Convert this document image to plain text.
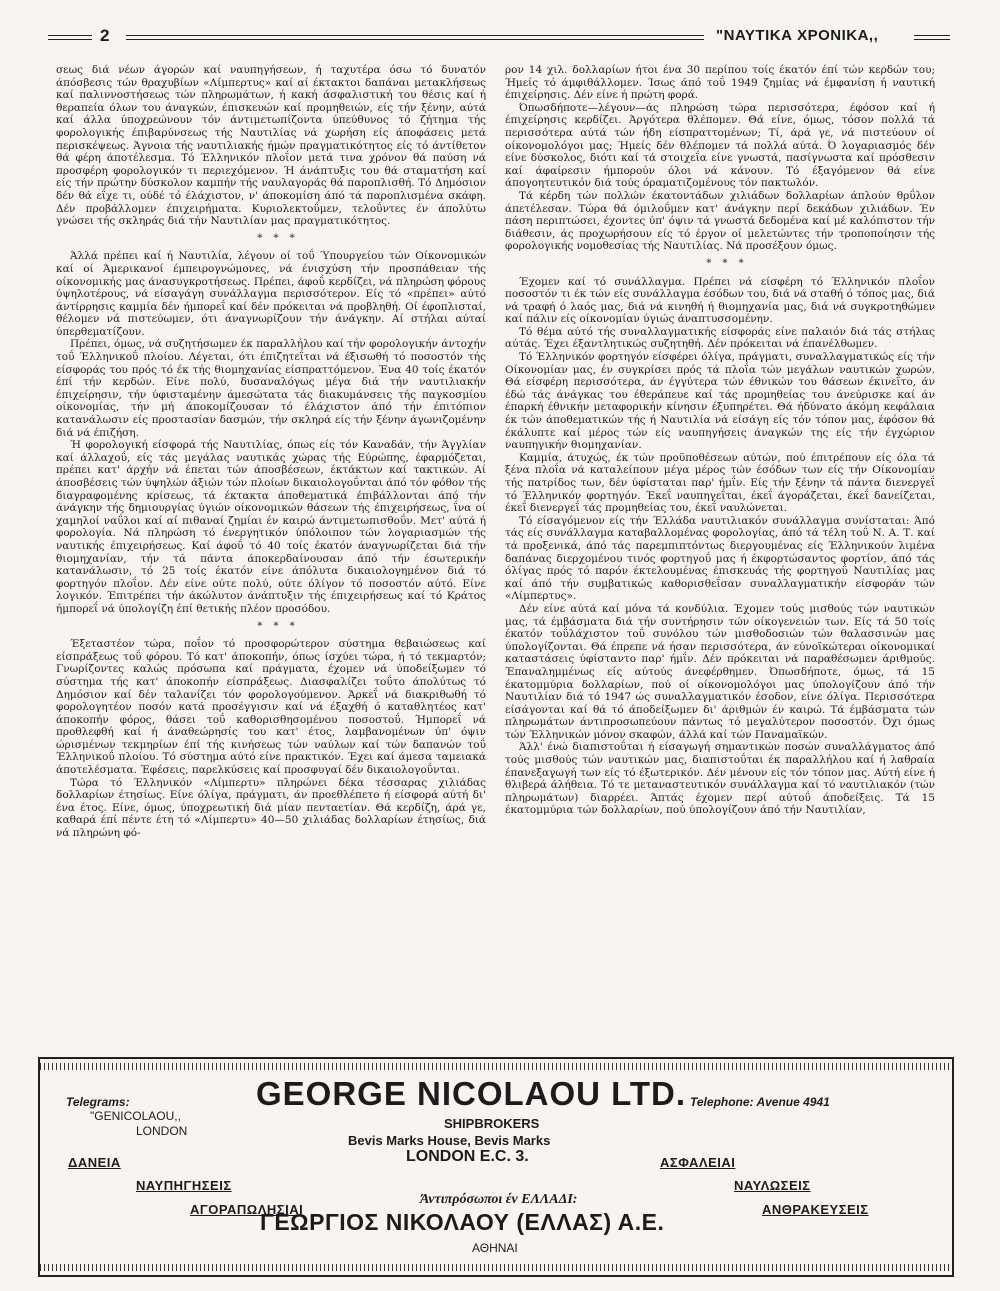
2	"ΝΑΥΤΙΚΑ ΧΡΟΝΙΚΑ,,

σεως διά νέων άγορών καί ναυπηγήσεων, ή ταχυτέρα όσω τό δυνατόν άπόσβεσις τών θραχυβίων «Λίμπερτυς» καί αί έκτακτοι δαπάναι μετακλήσεως καί παλιννοστήσεως τών πληρωμάτων, ή κακή άσφαλιστική του θέσις καί ή θεραπεία όλων του άναγκών, έπισκευών καί προμηθειών, είς τήν ξένην, αύτά καί άλλα ύποχρεώνουν τόν άντιμετωπίζοντα ύπεύθυνος τό ζήτημα τής φορολογικής έπιβαρύνσεως τής Ναυτιλίας νά χωρήση είς άποφάσεις μετά περισκέψεως. Άγνοια τής ναυτιλιακής ήμών πραγματικότητος είς τό άντίθετον θά φέρη άποτέλεσμα. Τό Έλληνικόν πλοΐον μετά τινα χρόνον θά παύση νά προσφέρη φορολογικόν τι περιεχόμενον. Ή άνάπτυξις του θά σταματήση καί είς τήν πρώτην δύσκολον καμπήν τής ναυλαγοράς θά παροπλισθή. Τό Δημόσιον δέν θά εΐχε τι, ούδέ τό έλάχιστον, ν' άποκομίση άπό τά παροπλισμένα σκάφη. Δέν προβάλλομεν έπιχειρήματα. Κυριολεκτοΰμεν, τελοΰντες έν άπολύτω γνώσει τής σκληράς διά τήν Ναυτιλίαν μας πραγματικότητος.

* * *

Άλλά πρέπει καί ή Ναυτιλία, λέγουν οί τοΰ Ύπουργείου τών Οίκονομικών καί οί Άμερικανοί έμπειρογνώμονες, νά ένισχύση τήν προσπάθειαν τής οίκονομικής μας άνασυγκροτήσεως. Πρέπει, άφοΰ κερδίζει, νά πληρώση φόρους ύψηλοτέρους, νά είσαγάγη συνάλλαγμα περισσότερον. Είς τό «πρέπει» αύτό άντίρρησις καμμία δέν ήμπορεΐ καί δέν πρόκειται νά προβληθή. Οί έφοπλισταί, θέλομεν νά πιστεύωμεν, ότι άναγνωρίζουν τήν άνάγκην. Αί στήλαι αύταί ύπερθεματίζουν.

Πρέπει, όμως, νά συζητήσωμεν έκ παραλλήλου καί τήν φορολογικήν άντοχήν τοΰ Έλληνικοΰ πλοίου. Λέγεται, ότι έπιζητεΐται νά έξισωθή τό ποσοστόν τής είσφοράς του πρός τό έκ τής θιομηχανίας είσπραττόμενον. Ένα 40 τοίς έκατόν έπί τήν κερδών. Είνε πολύ, δυσαναλόγως μέγα διά τήν ναυτιλιακήν έπιχείρησιν, τήν ύφισταμένην άμεσώτατα τάς διακυμάνσεις τής παγκοσμίου οίκονομίας, τήν μή άποκομίζουσαν τό έλάχιστον άπό τήν έπιτόπιον κατανάλωσιν είς προστασίαν δασμών, τήν σκληρά είς τήν ξένην άγωνιζομένην διά νά έπιζήση.

Ή φορολογική είσφορά τής Ναυτιλίας, όπως είς τόν Καναδάν, τήν Άγγλίαν καί άλλαχοΰ, είς τάς μεγάλας ναυτικάς χώρας τής Εύρώπης, έφαρμόζεται, πρέπει κατ' άρχήν νά έπεται τών άποσβέσεων, έκτάκτων καί τακτικών. Αί άποσβέσεις τών ύψηλών άξιών τών πλοίων δικαιολογοΰνται άπό τόν φόθον τής διαγραφομένης κρίσεως, τά έκτακτα άποθεματικά έπιβάλλονται άπό τήν άνάγκην τής δημιουργίας ύγιών οίκονομικών θάσεων τής έπιχειρήσεως, ΐνα οί χαμηλοί ναΰλοι καί αί πιθαναί ζημίαι έν καιρώ άντιμετωπισθοΰν. Μετ' αύτά ή φορολογία. Νά πληρώση τό ένεργητικόν ύπόλοιπον τών λογαριασμών τής ναυτικής έπιχειρήσεως. Καί άφοΰ τό 40 τοίς έκατόν άναγνωρίζεται διά τήν θιομηχανίαν, τήν τά πάντα άποκερδαίνουσαν άπό τήν έσωτερικήν κατανάλωσιν, τό 25 τοίς έκατόν είνε άπόλυτα δικαιολογημένον διά τό φορτηγόν πλοΐον. Δέν είνε ούτε πολύ, ούτε όλίγον τό ποσοστόν αύτό. Είνε λογικόν. Έπιτρέπει τήν άκώλυτον άνάπτυξιν τής έπιχειρήσεως καί τό Κράτος ήμπορεΐ νά ύπολογίζη έπί θετικής πλέον προσόδου.

* * *

Έξεταστέον τώρα, ποΐον τό προσφορώτερον σύστημα θεβαιώσεως καί είσπράξεως τοΰ φόρου. Τό κατ' άποκοπήν, όπως ίσχύει τώρα, ή τό τεκμαρτόν; Γνωρίζοντες καλώς πρόσωπα καί πράγματα, έχομεν νά ύποδείξωμεν τό σύστημα τής κατ' άποκοπήν είσπράξεως. Διασφαλίζει τοΰτο άπολύτως τό Δημόσιον καί δέν ταλανίζει τόν φορολογούμενον. Άρκεΐ νά διακριθωθή τό φορολογητέον ποσόν κατά προσέγγισιν καί νά έξαχθή ό καταθλητέος κατ' άποκοπήν φόρος, θάσει τοΰ καθορισθησομένου ποσοστοΰ. Ήμπορεΐ νά προθλεφθή καί ή άναθεώρησίς του κατ' έτος, λαμβανομένων ύπ' όψιν ώρισμένων τεκμηρίων έπί τής κινήσεως τών ναύλων καί τών δαπανών τοΰ Έλληνικοΰ πλοίου. Τό σύστημα αύτό είνε πρακτικόν. Έχει καί άμεσα ταμειακά άποτελέσματα. Έφέσεις, παρελκύσεις καί προσφυγαί δέν δικαιολογοΰνται.

Τώρα τό Έλληνικόν «Λίμπερτυ» πληρώνει δέκα τέσσαρας χιλιάδας δολλαρίων έτησίως. Είνε όλίγα, πράγματι, άν προεθλέπετο ή είσφορά αύτή δι' ένα έτος. Είνε, όμως, ύποχρεωτική διά μίαν πενταετίαν. Θά κερδίζη, άρά γε, καθαρά έπί πέντε έτη τό «Λίμπερτυ» 40—50 χιλιάδας δολλαρίων έτησίως, διά νά πληρώνη φό-

ρον 14 χιλ. δολλαρίων ήτοι ένα 30 περίπου τοίς έκατόν έπί τών κερδών του; Ήμείς τό άμφιθάλλομεν. Ίσως άπό τοΰ 1949 ζημίας νά έμφανίση ή ναυτική έπιχείρησις. Δέν είνε ή πρώτη φορά.

Όπωσδήποτε—λέγουν—άς πληρώση τώρα περισσότερα, έφόσον καί ή έπιχείρησις κερδίζει. Άργότερα θλέπομεν. Θά είνε, όμως, τόσον πολλά τά περισσότερα αύτά τών ήδη είσπραττομένων; Τί, άρά γε, νά πιστεύουν οί οίκονομολόγοι μας; Ήμείς δέν θλέπομεν τά πολλά αύτά. Ό λογαριασμός δέν είνε δύσκολος, διότι καί τά στοιχεΐα είνε γνωστά, πασίγνωστα καί πρόσθεσιν καί άφαίρεσιν ήμπορούν όλοι νά κάνουν. Τό έξαγόμενον θά είνε άπογοητευτικόν διά τούς όραματιζομένους τόν πακτωλόν.

Τά κέρδη τών πολλών έκατοντάδων χιλιάδων δολλαρίων άπλούν θρΰλον άπετέλεσαν. Τώρα θά όμιλοΰμεν κατ' άνάγκην περί δεκάδων χιλιάδων. Έν πάση περιπτώσει, έχοντες ύπ' όψιν τά γνωστά δεδομένα καί μέ καλόπιστον τήν διάθεσιν, άς προχωρήσουν είς τό έργον οί μελετώντες τήν τροποποίησιν τής φορολογικής νομοθεσίας τής Ναυτιλίας. Νά προσέξουν όμως.

* * *

Έχομεν καί τό συνάλλαγμα. Πρέπει νά είσφέρη τό Έλληνικόν πλοΐον ποσοστόν τι έκ τών είς συνάλλαγμα έσόδων του, διά νά σταθή ό τόπος μας, διά νά τραφή ό λαός μας, διά νά κινηθή ή θιομηχανία μας, διά νά συγκροτηθώμεν καί πάλιν είς οίκονομίαν ύγιώς άναπτυσσομένην.

Τό θέμα αύτό τής συναλλαγματικής είσφοράς είνε παλαιόν διά τάς στήλας αύτάς. Έχει έξαντλητικώς συζητηθή. Δέν πρόκειται νά έπανέλθωμεν.

Τό Έλληνικόν φορτηγόν είσφέρει όλίγα, πράγματι, συναλλαγματικώς είς τήν Οίκονομίαν μας, έν συγκρίσει πρός τά πλοΐα τών μεγάλων ναυτικών χωρών. Θά είσφέρη περισσότερα, άν έγγύτερα τών έθνικών του θάσεων έκινεΐτο, άν έδώ τάς άνάγκας του έθεράπευε καί τάς προμηθείας του άνεύρισκε καί άν έπαρκή έθνικήν μεταφορικήν κίνησιν έξυπηρέτει. Θά ήδύνατο άκόμη κεφάλαια έκ τών άποθεματικών τής ή Ναυτιλία νά είσάγη είς τόν τόπον μας, έφόσον θά έκάλυπτε καί μέρος τών είς ναυπηγήσεις άναγκών της είς τήν έγχώριον ναυπηγικήν θιομηχανίαν.

Καμμία, άτυχώς, έκ τών προϋποθέσεων αύτών, πού έπιτρέπουν είς όλα τά ξένα πλοΐα νά καταλείπουν μέγα μέρος τών έσόδων των είς τήν Οίκονομίαν τής πατρίδος των, δέν ύφίσταται παρ' ήμΐν. Είς τήν ξένην τά πάντα διενεργεΐ τό Έλληνικόν φορτηγόν. Έκεΐ ναυπηγεΐται, έκεΐ άγοράζεται, έκεΐ δανείζεται, έκεΐ διενεργεΐ τάς προμηθείας του, έκεΐ ναυλώνεται.

Τό είσαγόμενον είς τήν Έλλάδα ναυτιλιακόν συνάλλαγμα συνίσταται: Άπό τάς είς συνάλλαγμα καταβαλλομένας φορολογίας, άπό τά τέλη τοΰ Ν. Α. Τ. καί τά προξενικά, άπό τάς παρεμπιπτόντως διεργουμένας είς Έλληνικούν λιμένα δαπάνας διερχομένου τινός φορτηγοΰ μας ή έκφορτώσαντος φορτίον, άπό τάς όλίγας πρός τό παρόν έκτελουμένας έπισκευάς τής φορτηγοΰ Ναυτιλίας μας καί άπό τήν συμβατικώς καθορισθεΐσαν συναλλαγματικήν είσφοράν τών «Λίμπερτυς».

Δέν είνε αύτά καί μόνα τά κονδύλια. Έχομεν τούς μισθούς τών ναυτικών μας, τά έμβάσματα διά τήν συντήρησιν τών οίκογενειών των. Είς τά 50 τοίς έκατόν τοΰλάχιστον τοΰ συνόλου τών μισθοδοσιών τών θαλασσινών μας ύπολογίζονται. Θά έπρεπε νά ήσαν περισσότερα, άν εύνοϊκώτεραι οίκονομικαί καταστάσεις ύφίσταντο παρ' ήμΐν. Δέν πρόκειται νά παραθέσωμεν άριθμούς. Έπαναλημμένως είς αύτούς άνεφέρθημεν. Όπωσδήποτε, όμως, τά 15 έκατομμύρια δολλαρίων, πού οί οίκονομολόγοι μας ύπολογίζουν άπό τήν Ναυτιλίαν διά τό 1947 ώς συναλλαγματικόν έσοδον, είνε όλίγα. Περισσότερα είσάγονται καί θά τό άποδείξωμεν δι' άριθμών έν καιρώ. Τά έμβάσματα τών πληρωμάτων άντιπροσωπεύουν πάντως τό μεγαλύτερον ποσοστόν. Όχι όμως τών Έλληνικών μόνον σκαφών, άλλά καί τών Παναμαϊκών.

Άλλ' ένώ διαπιστοΰται ή είσαγωγή σημαντικών ποσών συναλλάγματος άπό τούς μισθούς τών ναυτικών μας, διαπιστοΰται έκ παραλλήλου καί ή λαθραία έπανεξαγωγή των είς τό έξωτερικόν. Δέν μένουν είς τόν τόπον μας. Αύτή είνε ή θλιβερά άλήθεια. Τό τε μεταναστευτικόν συνάλλαγμα καί τό ναυτιλιακόν (τών πληρωμάτων) διαρρέει. Άπτάς έχομεν περί αύτοΰ άποδείξεις. Τά 15 έκατομμύρια τών δολλαρίων, πού ύπολογίζουν άπό τήν Ναυτιλίαν,

Telegrams:
"GENICOLAOU,,
LONDON
GEORGE NICOLAOU LTD. Telephone: Avenue 4941
SHIPBROKERS
Bevis Marks House, Bevis Marks
LONDON E.C. 3.
ΔΑΝΕΙΑ
ΝΑΥΠΗΓΗΣΕΙΣ
ΑΓΟΡΑΠΩΛΗΣΙΑΙ
ΑΣΦΑΛΕΙΑΙ
ΝΑΥΛΩΣΕΙΣ
ΑΝΘΡΑΚΕΥΣΕΙΣ
Άντιπρόσωποι έν ΕΛΛΑΔΙ:
ΓΕΩΡΓΙΟΣ ΝΙΚΟΛΑΟΥ (ΕΛΛΑΣ) Α.Ε.
ΑΘΗΝΑΙ
